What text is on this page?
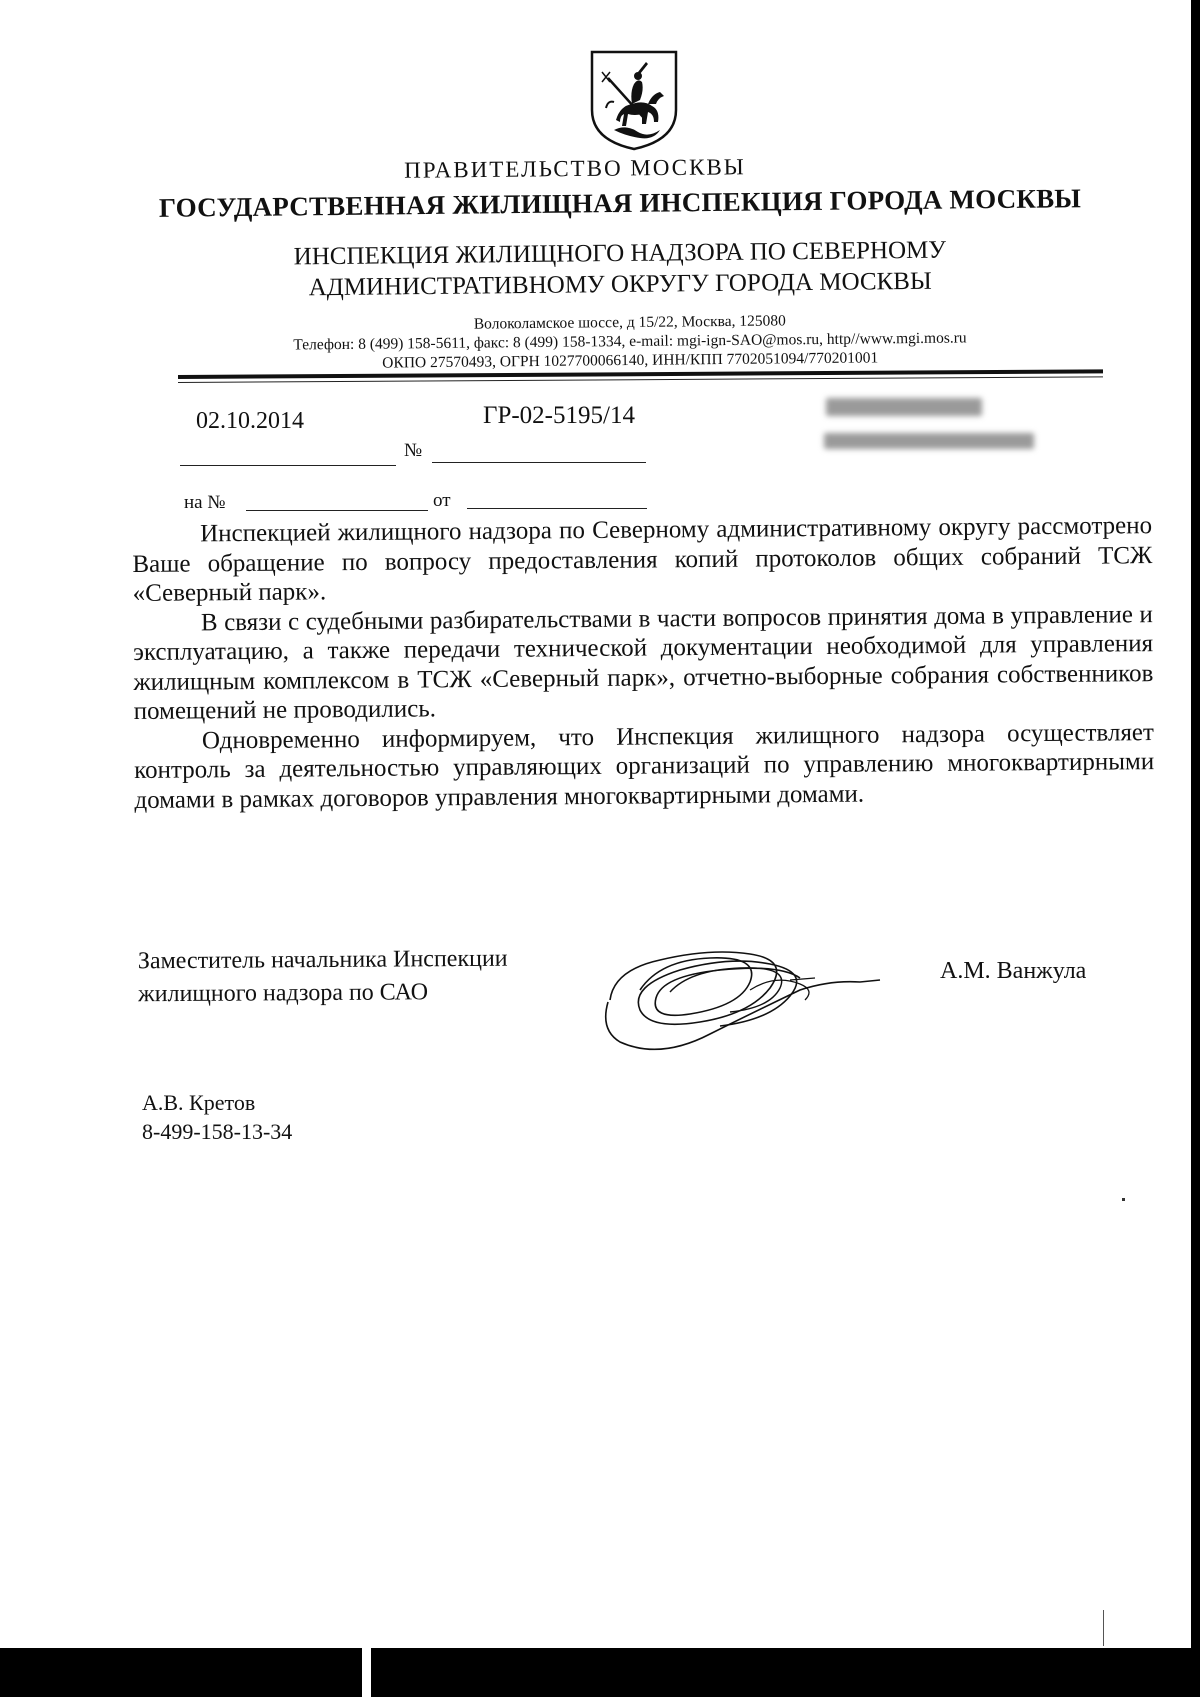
ПРАВИТЕЛЬСТВО МОСКВЫ
ГОСУДАРСТВЕННАЯ ЖИЛИЩНАЯ ИНСПЕКЦИЯ ГОРОДА МОСКВЫ
ИНСПЕКЦИЯ ЖИЛИЩНОГО НАДЗОРА ПО СЕВЕРНОМУ
АДМИНИСТРАТИВНОМУ ОКРУГУ ГОРОДА МОСКВЫ
Волоколамское шоссе, д 15/22, Москва, 125080
Телефон: 8 (499) 158-5611, факс: 8 (499) 158-1334, e-mail: mgi-ign-SAO@mos.ru, http//www.mgi.mos.ru
ОКПО 27570493, ОГРН 1027700066140, ИНН/КПП 7702051094/770201001
02.10.2014	ГР-02-5195/14
№
на №	от

Инспекцией жилищного надзора по Северному административному округу рассмотрено Ваше обращение по вопросу предоставления копий протоколов общих собраний ТСЖ «Северный парк».

В связи с судебными разбирательствами в части вопросов принятия дома в управление и эксплуатацию, а также передачи технической документации необходимой для управления жилищным комплексом в ТСЖ «Северный парк», отчетно-выборные собрания собственников помещений не проводились.

Одновременно информируем, что Инспекция жилищного надзора осуществляет контроль за деятельностью управляющих организаций по управлению многоквартирными домами в рамках договоров управления многоквартирными домами.

Заместитель начальника Инспекции
жилищного надзора по САО
А.М. Ванжула
А.В. Кретов
8-499-158-13-34
